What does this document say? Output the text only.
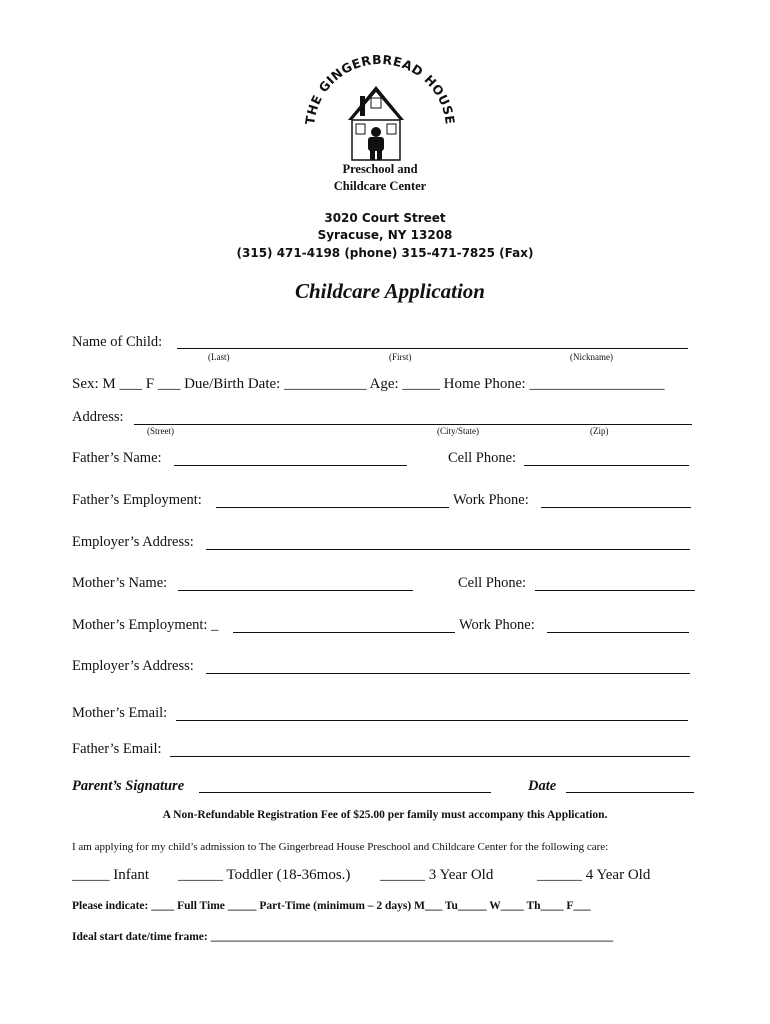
THE GINGERBREAD HOUSE
Preschool and
Childcare Center
3020 Court Street
Syracuse, NY 13208
(315) 471-4198 (phone) 315-471-7825 (Fax)
Childcare Application
Name of Child:
(Last)	(First)	(Nickname)
Sex: M ___ F ___ Due/Birth Date: ___________ Age: _____ Home Phone: __________________
Address:
(Street)	(City/State)	(Zip)
Father’s Name:	Cell Phone:
Father’s Employment:	Work Phone:
Employer’s Address:
Mother’s Name:	Cell Phone:
Mother’s Employment: _	Work Phone:
Employer’s Address:
Mother’s Email:
Father’s Email:
Parent’s Signature	Date
A Non-Refundable Registration Fee of $25.00 per family must accompany this Application.
I am applying for my child’s admission to The Gingerbread House Preschool and Childcare Center for the following care:
_____ Infant ______ Toddler (18-36mos.) ______ 3 Year Old	______ 4 Year Old
Please indicate: ____ Full Time _____ Part-Time (minimum – 2 days) M___ Tu_____ W____ Th____ F___
Ideal start date/time frame: ______________________________________________________________________
